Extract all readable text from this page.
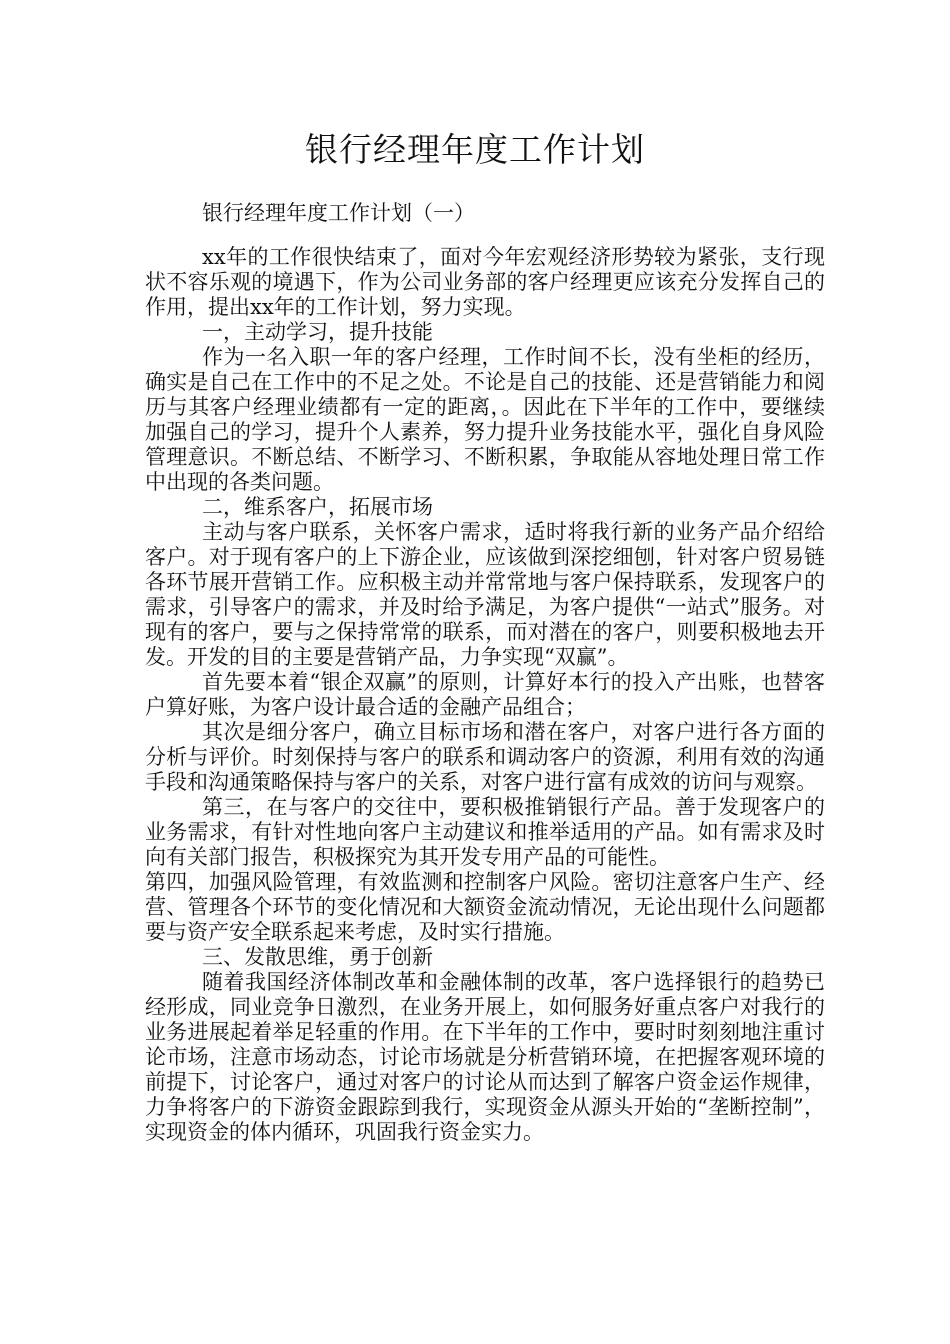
银行经理年度工作计划

银行经理年度工作计划（一）

xx年的工作很快结束了，面对今年宏观经济形势较为紧张，支行现状不容乐观的境遇下，作为公司业务部的客户经理更应该充分发挥自己的作用，提出xx年的工作计划，努力实现。

一，主动学习，提升技能

作为一名入职一年的客户经理，工作时间不长，没有坐柜的经历，确实是自己在工作中的不足之处。不论是自己的技能、还是营销能力和阅历与其客户经理业绩都有一定的距离，。因此在下半年的工作中，要继续加强自己的学习，提升个人素养，努力提升业务技能水平，强化自身风险管理意识。不断总结、不断学习、不断积累，争取能从容地处理日常工作中出现的各类问题。

二，维系客户，拓展市场

主动与客户联系，关怀客户需求，适时将我行新的业务产品介绍给客户。对于现有客户的上下游企业，应该做到深挖细刨，针对客户贸易链各环节展开营销工作。应积极主动并常常地与客户保持联系，发现客户的需求，引导客户的需求，并及时给予满足，为客户提供“一站式”服务。对现有的客户，要与之保持常常的联系，而对潜在的客户，则要积极地去开发。开发的目的主要是营销产品，力争实现“双赢”。

首先要本着“银企双赢”的原则，计算好本行的投入产出账，也替客户算好账，为客户设计最合适的金融产品组合；

其次是细分客户，确立目标市场和潜在客户，对客户进行各方面的分析与评价。时刻保持与客户的联系和调动客户的资源，利用有效的沟通手段和沟通策略保持与客户的关系，对客户进行富有成效的访问与观察。

第三，在与客户的交往中，要积极推销银行产品。善于发现客户的业务需求，有针对性地向客户主动建议和推举适用的产品。如有需求及时向有关部门报告，积极探究为其开发专用产品的可能性。

第四，加强风险管理，有效监测和控制客户风险。密切注意客户生产、经营、管理各个环节的变化情况和大额资金流动情况，无论出现什么问题都要与资产安全联系起来考虑，及时实行措施。

三、发散思维，勇于创新

随着我国经济体制改革和金融体制的改革，客户选择银行的趋势已经形成，同业竞争日激烈，在业务开展上，如何服务好重点客户对我行的业务进展起着举足轻重的作用。在下半年的工作中，要时时刻刻地注重讨论市场，注意市场动态，讨论市场就是分析营销环境，在把握客观环境的前提下，讨论客户，通过对客户的讨论从而达到了解客户资金运作规律，力争将客户的下游资金跟踪到我行，实现资金从源头开始的“垄断控制”，实现资金的体内循环，巩固我行资金实力。
